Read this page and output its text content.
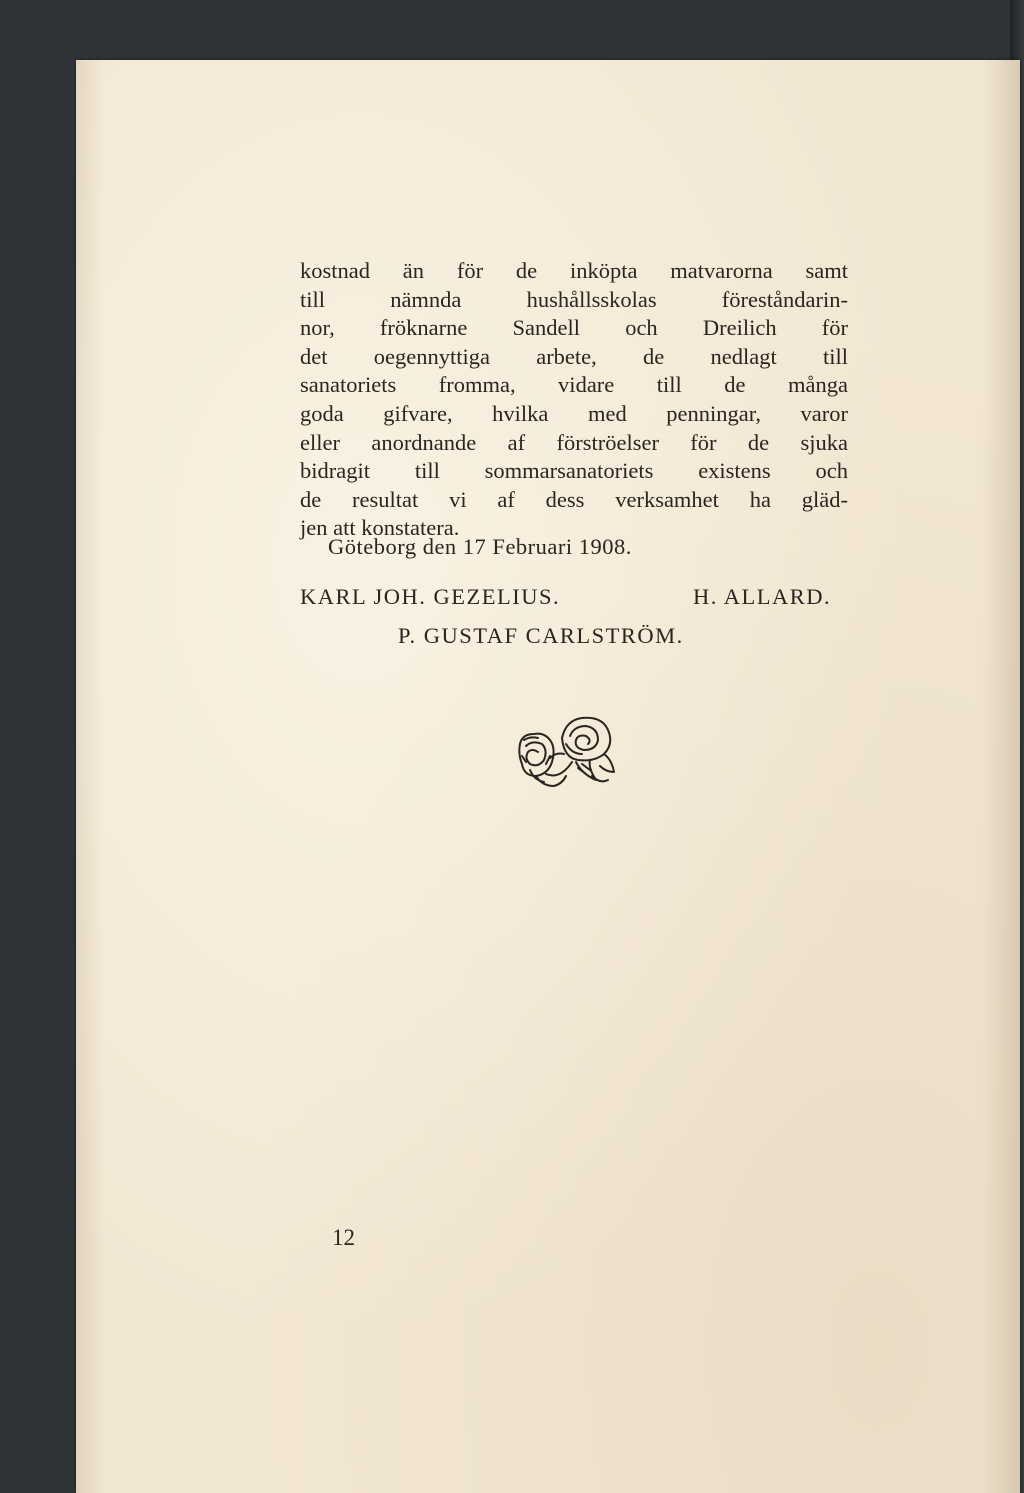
kostnad än för de inköpta matvarorna samt
till nämnda hushållsskolas föreståndarin-
nor, fröknarne Sandell och Dreilich för
det oegennyttiga arbete, de nedlagt till
sanatoriets fromma, vidare till de många
goda gifvare, hvilka med penningar, varor
eller anordnande af förströelser för de sjuka
bidragit till sommarsanatoriets existens och
de resultat vi af dess verksamhet ha gläd-
jen att konstatera.

Göteborg den 17 Februari 1908.

KARL JOH. GEZELIUS.	H. ALLARD.

P. GUSTAF CARLSTRÖM.

12
